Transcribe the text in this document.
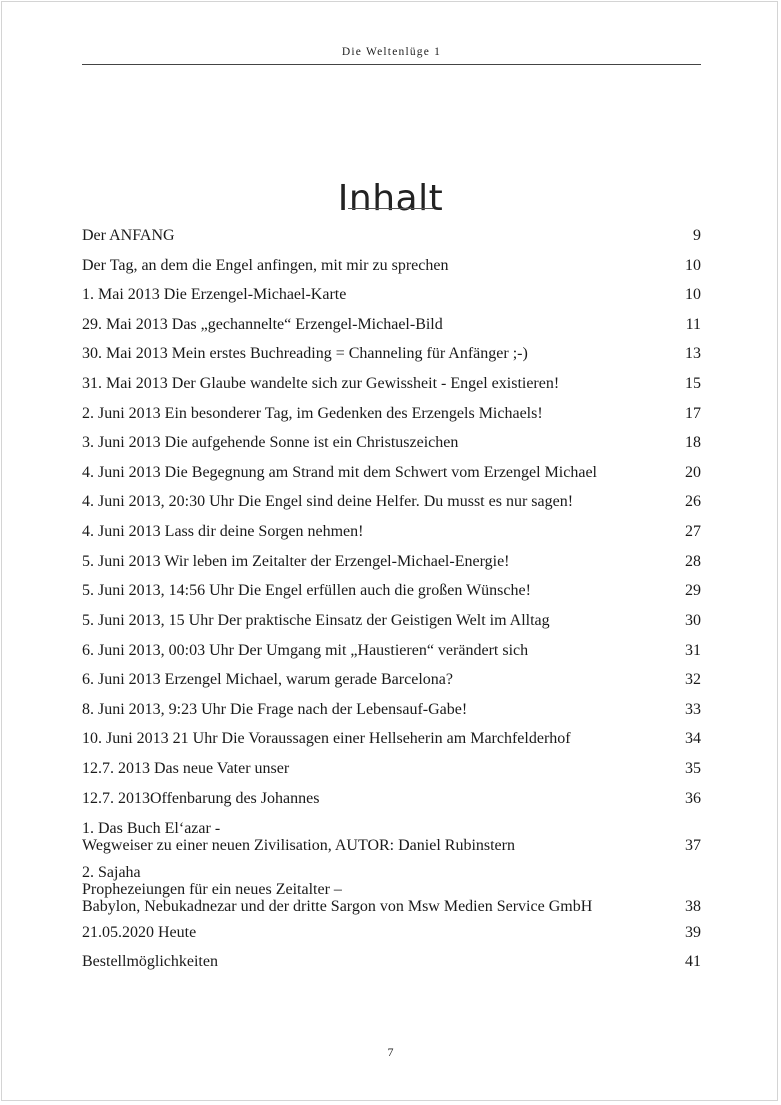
Die Weltenlüge 1
Inhalt
Der ANFANG	9
Der Tag, an dem die Engel anfingen, mit mir zu sprechen	10
1. Mai 2013 Die Erzengel-Michael-Karte	10
29. Mai 2013 Das „gechannelte“ Erzengel-Michael-Bild	11
30. Mai 2013 Mein erstes Buchreading = Channeling für Anfänger ;-)	13
31. Mai 2013 Der Glaube wandelte sich zur Gewissheit - Engel existieren!	15
2. Juni 2013 Ein besonderer Tag, im Gedenken des Erzengels Michaels!	17
3. Juni 2013 Die aufgehende Sonne ist ein Christuszeichen	18
4. Juni 2013 Die Begegnung am Strand mit dem Schwert vom Erzengel Michael	20
4. Juni 2013, 20:30 Uhr Die Engel sind deine Helfer. Du musst es nur sagen!	26
4. Juni 2013 Lass dir deine Sorgen nehmen!	27
5. Juni 2013 Wir leben im Zeitalter der Erzengel-Michael-Energie!	28
5. Juni 2013, 14:56 Uhr Die Engel erfüllen auch die großen Wünsche!	29
5. Juni 2013, 15 Uhr Der praktische Einsatz der Geistigen Welt im Alltag	30
6. Juni 2013, 00:03 Uhr Der Umgang mit „Haustieren“ verändert sich	31
6. Juni 2013 Erzengel Michael, warum gerade Barcelona?	32
8. Juni 2013, 9:23 Uhr Die Frage nach der Lebensauf-Gabe!	33
10. Juni 2013 21 Uhr Die Voraussagen einer Hellseherin am Marchfelderhof	34
12.7. 2013 Das neue Vater unser	35
12.7. 2013Offenbarung des Johannes	36
1. Das Buch El‘azar -
Wegweiser zu einer neuen Zivilisation, AUTOR: Daniel Rubinstern	37
2. Sajaha
Prophezeiungen für ein neues Zeitalter –
Babylon, Nebukadnezar und der dritte Sargon von Msw Medien Service GmbH	38
21.05.2020 Heute	39
Bestellmöglichkeiten	41
7
